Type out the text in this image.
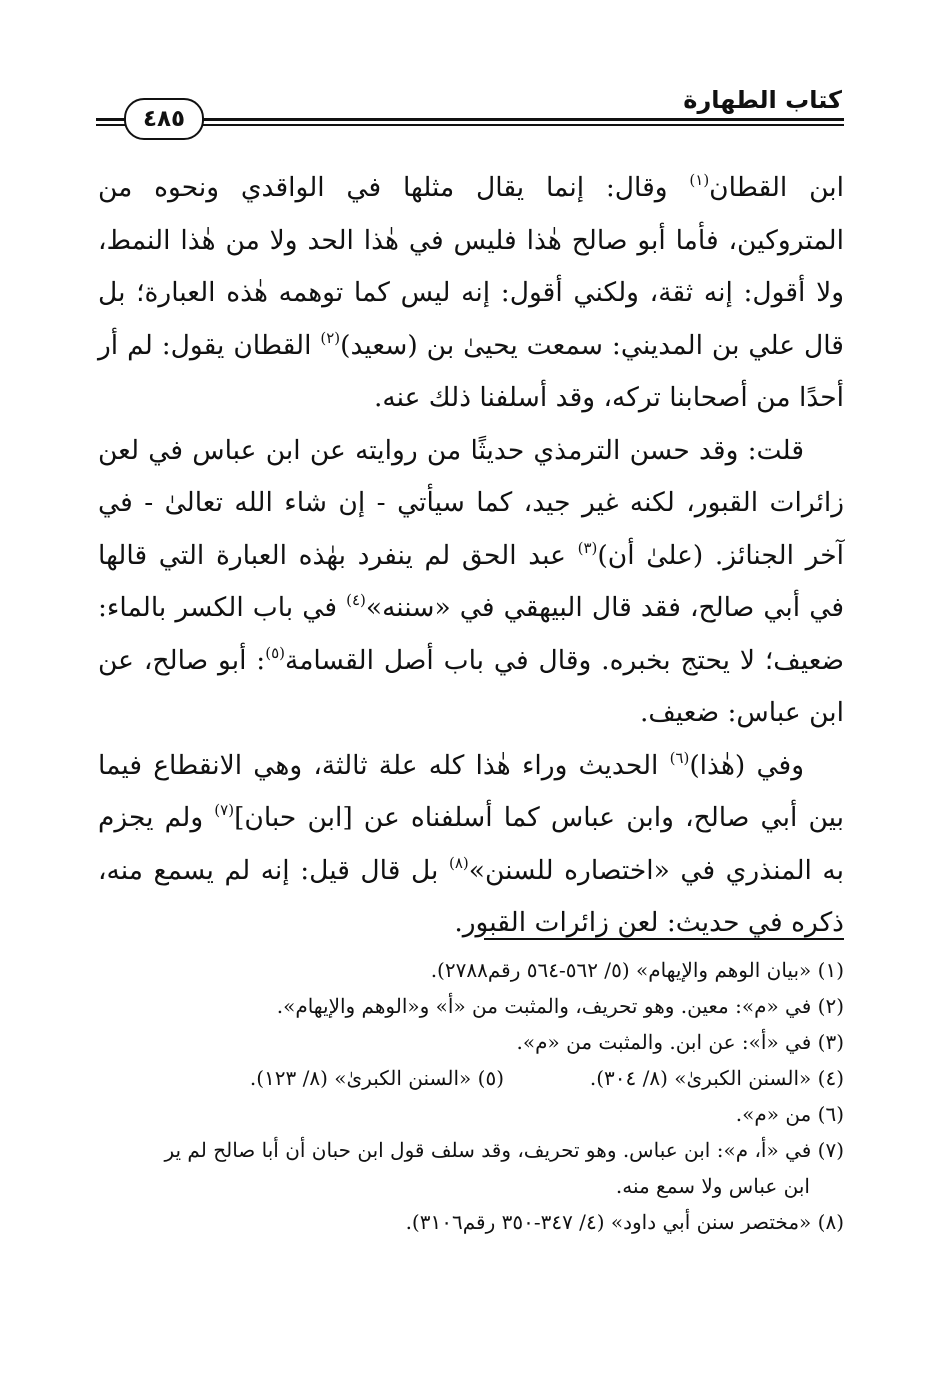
كتاب الطهارة
٤٨٥

ابن القطان$^{(١)}$ وقال: إنما يقال مثلها في الواقدي ونحوه من المتروكين، فأما أبو صالح هٰذا فليس في هٰذا الحد ولا من هٰذا النمط، ولا أقول: إنه ثقة، ولكني أقول: إنه ليس كما توهمه هٰذه العبارة؛ بل قال علي بن المديني: سمعت يحيىٰ بن (سعيد)$^{(٢)}$ القطان يقول: لم أر أحدًا من أصحابنا تركه، وقد أسلفنا ذلك عنه.

قلت: وقد حسن الترمذي حديثًا من روايته عن ابن عباس في لعن زائرات القبور، لكنه غير جيد، كما سيأتي - إن شاء الله تعالىٰ - في آخر الجنائز. (علىٰ أن)$^{(٣)}$ عبد الحق لم ينفرد بهٰذه العبارة التي قالها في أبي صالح، فقد قال البيهقي في «سننه»$^{(٤)}$ في باب الكسر بالماء: ضعيف؛ لا يحتج بخبره. وقال في باب أصل القسامة$^{(٥)}$: أبو صالح، عن ابن عباس: ضعيف.

وفي (هٰذا)$^{(٦)}$ الحديث وراء هٰذا كله علة ثالثة، وهي الانقطاع فيما بين أبي صالح، وابن عباس كما أسلفناه عن [ابن حبان]$^{(٧)}$ ولم يجزم به المنذري في «اختصاره للسنن»$^{(٨)}$ بل قال قيل: إنه لم يسمع منه، ذكره في حديث: لعن زائرات القبور.

(١) «بيان الوهم والإيهام» (٥/ ٥٦٢-٥٦٤ رقم٢٧٨٨).

(٢) في «م»: معين. وهو تحريف، والمثبت من «أ» و«الوهم والإيهام».

(٣) في «أ»: عن ابن. والمثبت من «م».

(٤) «السنن الكبرىٰ» (٨/ ٣٠٤).

(٥) «السنن الكبرىٰ» (٨/ ١٢٣).

(٦) من «م».

(٧) في «أ، م»: ابن عباس. وهو تحريف، وقد سلف قول ابن حبان أن أبا صالح لم ير
ابن عباس ولا سمع منه.

(٨) «مختصر سنن أبي داود» (٤/ ٣٤٧-٣٥٠ رقم٣١٠٦).
